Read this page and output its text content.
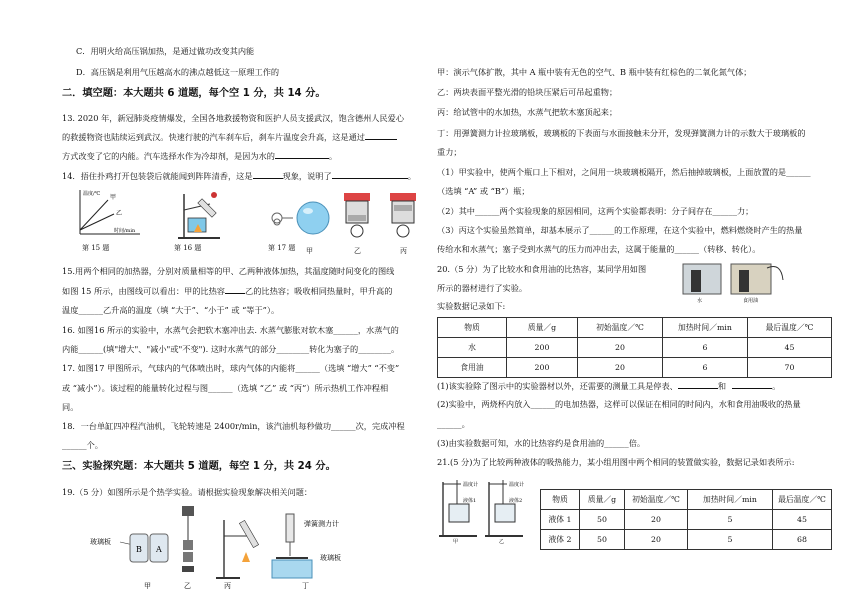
C．用明火给高压锅加热，是通过做功改变其内能
D．高压锅是利用气压越高水的沸点越低这一原理工作的
二．填空题：本大题共 6 道题，每个空 1 分，共 14 分。
13. 2020 年，新冠肺炎疫情爆发，全国各地救援物资和医护人员支援武汉，饱含德州人民爱心
的救援物资也陆续运到武汉。快速行驶的汽车刹车后，刹车片温度会升高，这是通过
方式改变了它的内能。汽车选择水作为冷却剂，是因为水的	。
14．捂住扑鸡打开包装袋后就能闻到阵阵清香，这是	现象，说明了	。
温度/℃ 甲
乙
时间/min
第 15 题	第 16 题	第 17 题 甲	乙	丙
15.用两个相同的加热器，分别对质量相等的甲、乙两种液体加热，其温度随时间变化的图线
如图 15 所示，由图线可以看出：甲的比热容 乙的比热容；吸收相同热量时，甲升高的
温度______乙升高的温度（填 “大于”、“小于” 或 “等于”）。
16. 如图16 所示的实验中，水蒸气会把软木塞冲出去. 水蒸气膨胀对软木塞______，水蒸气的
内能______(填"增大"、"减小"或"不变"). 这时水蒸气的部分________转化为塞子的________。
17. 如图17 甲图所示，气球内的气体喷出时，球内气体的内能将______（选填 “增大” “不变”
或 “减小”）。该过程的能量转化过程与图______（选填 “乙” 或 “丙”）所示热机工作冲程相
同。
18．一台单缸四冲程汽油机，飞轮转速是 2400r/min，该汽油机每秒做功______次，完成冲程
______个。
三、实验探究题：本大题共 5 道题，每空 1 分，共 24 分。
19.（5 分）如图所示是个热学实验。请根据实验现象解决相关问题：
玻璃板
B A
甲	乙	丙
弹簧测力计
玻璃板
丁
甲：演示气体扩散，其中 A 瓶中装有无色的空气、B 瓶中装有红棕色的二氧化氮气体；
乙：两块表面平整光滑的铅块压紧后可吊起重物；
丙：给试管中的水加热，水蒸气把软木塞顶起来；
丁：用弹簧测力计拉玻璃板，玻璃板的下表面与水面接触未分开，发现弹簧测力计的示数大于玻璃板的
重力；
（1）甲实验中，使两个瓶口上下相对，之间用一块玻璃板隔开，然后抽掉玻璃板，上面放置的是______
（选填 “A” 或 “B”）瓶；
（2）其中______两个实验现象的原因相同，这两个实验都表明：分子间存在______力；
（3）丙这个实验虽然简单，却基本展示了______的工作原理，在这个实验中，燃料燃烧时产生的热量
传给水和水蒸气；塞子受到水蒸气的压力而冲出去，这属于能量的______（转移、转化）。
20.（5 分）为了比较水和食用油的比热容，某同学用如图
所示的器材进行了实验。
实验数据记录如下:	水	食用油
物质	质量／g	初始温度／℃	加热时间／min	最后温度／℃
水	200	20	6	45
食用油	200	20	6	70
(1)该实验除了图示中的实验器材以外，还需要的测量工具是停表、	和	。
(2)实验中，两烧杯内放入______的电加热器，这样可以保证在相同的时间内，水和食用油吸收的热量
______。
(3)由实验数据可知，水的比热容约是食用油的______倍。
21.(5 分)为了比较两种液体的吸热能力，某小组用图中两个相同的装置做实验，数据记录如表所示:
温度计
液体1
甲
温度计
液体2
乙
物质	质量／g	初始温度／℃	加热时间／min	最后温度／℃
液体 1	50	20	5	45
液体 2	50	20	5	68
